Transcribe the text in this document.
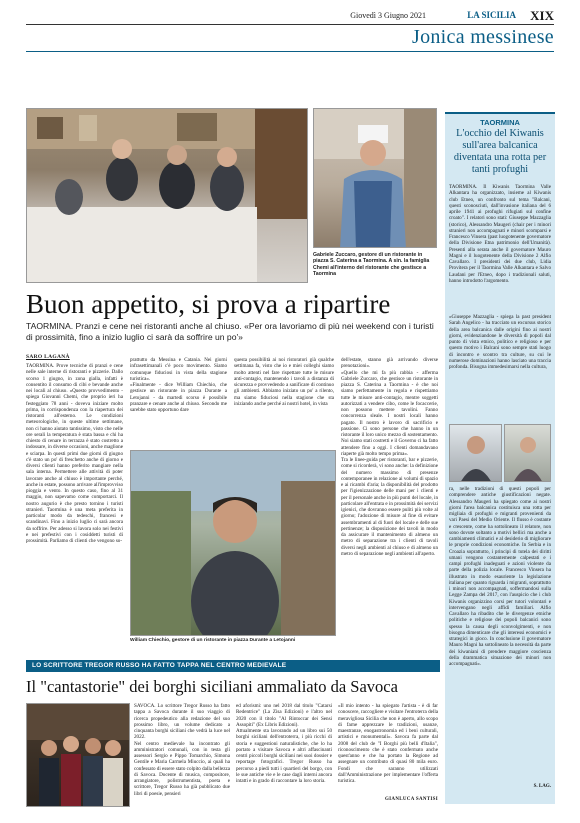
Giovedì 3 Giugno 2021	LA SICILIA XIX
Jonica messinese
Gabriele Zuccaro, gestore di un ristorante in piazza S. Caterina a Taormina. A sin. la famiglia Chemi all'interno del ristorante che gestisce a Taormina
Buon appetito, si prova a ripartire
TAORMINA. Pranzi e cene nei ristoranti anche al chiuso. «Per ora lavoriamo di più nei weekend con i turisti di prossimità, fino a inizio luglio ci sarà da soffrire un po'»
SARO LAGANÀ
TAORMINA. Prove tecniche di pranzi e cene nelle sale interne di ristoranti e pizzerie. Dallo scorso 1 giugno, in zona gialla, infatti è consentito il consumo di cibi e bevande anche nei locali al chiuso. «Questo provvedimento - spiega Giovanni Chemi, che proprio ieri ha festeggiato 78 anni - doveva iniziare molto prima, in corrispondenza con la riapertura dei ristoranti all'esterno. Le condizioni meteorologiche, in queste ultime settimane, non ci hanno aiutato tantissimo, visto che nelle ore serali la temperatura è stata bassa e chi ha chiesto di cenare in terrazza è stato costretto a indossare, in diverse occasioni, anche maglione e sciarpa. In questi primi due giorni di giugno c'è stato un po' di freschetto anche di giorno e diversi clienti hanno preferito mangiare nella sala interna. Permettere alle attività di poter lavorare anche al chiuso è importante perché, anche in estate, possono arrivare all'improvviso pioggia e vento. In questo caso, fino al 31 maggio, non sapevamo come comportarci. Il nostro augurio è che presto tornino i turisti stranieri. Taormina è una meta preferita in particolar modo da tedeschi, francesi e scandinavi. Fino a inizio luglio ci sarà ancora da soffrire. Per adesso si lavora solo nei festivi e nei prefestivi con i cosiddetti turisti di prossimità. Parliamo di clienti che vengono so-
prattutto da Messina e Catania. Nei giorni infrasettimanali c'è poco movimento. Siamo comunque fiduciosi in vista della stagione turistica».
«Finalmente - dice William Chiechio, che gestisce un ristorante in piazza Durante a Letojanni - da martedì scorso è possibile pranzare e cenare anche al chiuso. Secondo me sarebbe stato opportuno dare
questa possibilità ai noi ristoratori già qualche settimana fa, visto che io e miei colleghi siamo molto attenti nel fare rispettare tutte le misure anti-contagio, mantenendo i tavoli a distanza di sicurezza e provvedendo a sanificare di continuo gli ambienti. Abbiamo iniziato un po' a rilento, ma siamo fiduciosi nella stagione che sta iniziando anche perché ai nostri hotel, in vista
dell'estate, stanno già arrivando diverse prenotazioni».
«Quello che mi fa più rabbia - afferma Gabriele Zuccaro, che gestisce un ristorante in piazza S. Caterina a Taormina - è che noi siamo perfettamente in regola e rispettiamo tutte le misure anti-contagio, mentre soggetti autorizzati a vendere cibo, come le focaccerie, non possono mettere tavolini. Fanno concorrenza sleale. I nostri locali hanno pagato. Il nostro è lavoro di sacrificio e passione. Ci sono persone che hanno in un ristorante il loro unico mezzo di sostentamento. Noi siamo stati costretti e il Governo ci ha fatto attendere fino a oggi. I clienti domandavano riaperte già molto tempo prima».
Tra le linee-guida per ristoranti, bar e pizzerie, come si ricorderà, vi sono anche: la definizione del numero massimo di presenze contemporanee in relazione ai volumi di spazio e ai ricambi d'aria; la disponibilità del prodotto per l'igienizzazione delle mani per i clienti e per il personale anche in più punti del locale, in particolare all'entrata e in prossimità dei servizi igienici, che dovranno essere puliti più volte al giorno; l'adozione di misure al fine di evitare assembramenti al di fuori del locale e delle sue pertinenze; la disposizione dei tavoli in modo da assicurare il mantenimento di almeno un metro di separazione tra i clienti di tavoli diversi negli ambienti al chiuso e di almeno un metro di separazione negli ambienti all'aperto.
William Chiechio, gestore di un ristorante in piazza Durante a Letojanni
TAORMINA
L'occhio del Kiwanis sull'area balcanica diventata una rotta per tanti profughi
TAORMINA. Il Kiwanis Taormina Valle Alkantara ha organizzato, insieme al Kiwanis club Etneo, un confronto sul tema "Balcani, questi sconosciuti, dall'invasione italiana del 6 aprile 1941 ai profughi rifugiati sul confine croato". I relatori sono stati: Giuseppe Mazzaglia (storico), Alessandro Maugeri (chair per i minori stranieri non accompagnati e minori scomparsi e Francesco Vinsera (past luogotenente governatore della Divisione Etna patrimonio dell'Umanità). Presenti alla serata anche il governatore Mauro Magni e il luogotenente della Divisione 2 Alfio Cavallaro. I presidenti dei due club, Lidia Provitera per il Taormina Valle Alkantara e Salvo Laudani per l'Etneo, dopo i tradizionali saluti, hanno introdotto l'argomento.
«Giuseppe Mazzaglia - spiega la past president Sarah Angelico - ha tracciato un excursus storico della area balcanica dalle origini fino ai nostri giorni, evidenziandone le diversità di popoli dal punto di vista etnico, politico e religioso e per questo motivo i Balcani sono sempre stati luogo di incontro e scontro tra culture, su cui le numerose dominazioni hanno lasciato una traccia profonda. Bisogna immedesimarsi nella cultura,
ra, nelle tradizioni di questi popoli per comprendere antiche giustificazioni negate. Alessandro Maugeri ha spiegato come ai nostri giorni l'area balcanica costituisca una rotta per migliaia di profughi e migranti provenienti da vari Paesi del Medio Oriente. Il flusso è costante e crescente, come ha sottolineato il relatore, non sono dovute soltanto a motivi bellici ma anche a cambiamenti climatici e al desiderio di migliorare le proprie condizioni economiche. In Serbia e in Croazia soprattutto, i principi di tutela dei diritti umani vengono costantemente calpestati e i campi profughi inadeguati e azioni violente da parte della polizia locale. Francesco Vinsera ha illustrato in modo esauriente la legislazione italiana per quanto riguarda i migranti, soprattutto i minori non accompagnati, soffermandosi sulla Legge Zampa del 2017, con l'auspicio che i club Kiwanis organizzino corsi per tutori volontari e intervengano negli affidi familiari. Alfio Cavallaro ha ribadito che le divergenze etniche politiche e religiose dei popoli balcanici sono spesso la causa degli sconvolgimenti, e non bisogna dimenticare che gli interessi economici e strategici in gioco. In conclusione il governatore Mauro Magni ha sottolineato la necessità da parte dei kiwaniani di prendere maggiore coscienza della drammatica situazione dei minori non accompagnati».
S. LAG.
LO SCRITTORE TREGOR RUSSO HA FATTO TAPPA NEL CENTRO MEDIEVALE
Il "cantastorie" dei borghi siciliani ammaliato da Savoca
SAVOCA. Lo scrittore Tregor Russo ha fatto tappa a Savoca durante il suo viaggio di ricerca propedeutico alla redazione del suo prossimo libro, un volume dedicato a cinquanta borghi siciliani che vedrà la luce nel 2022.
Nel centro medievale ha incontrato gli amministratori comunali, con in testa gli assessori Sergio e Pippo Tomarchio, Simona Gentile e Maria Carmela Miuccio, ai quali ha confessato di essere stato colpito dalla bellezza di Savoca. Docente di musica, compositore, arrangiatore, polistrumentista, poeta e scrittore, Tregor Russo ha già pubblicato due libri di poesie, pensieri
ed aforismi: uno nel 2018 dal titolo "Catarsi Redentrice" (La Zisa Edizioni) e l'altro nel 2020 con il titolo "Al Rintoccar dei Sensi Assopiti" (Ex Libris Edizioni).
Attualmente sta lavorando ad un libro sui 50 borghi siciliani dell'entroterra, i più ricchi di storia e suggestioni naturalistiche, che lo ha portato a visitare Savoca e altri affascinanti centri piccoli borghi siciliani nei suoi dossier e reportage fotografici. Tregor Russo ha percorso a piedi tutti i quartieri del borgo, con le sue antiche vie e le case dagli interni ancora intatti e in grado di raccontare la loro storia.
«Il mio intento - ha spiegato l'artista - è di far conoscere, raccogliere e visitare l'entroterra della meravigliosa Sicilia che non è aperto, allo scopo di farne apprezzare le tradizioni, usanze, maestranze, enogastronomia ed i beni culturali, artistici e monumentali». Savoca fa parte dal 2008 del club de "I Borghi più belli d'Italia", riconoscimento che è stato confermato anche quest'anno e che ha portato la Regione ad assegnare un contributo di quasi 80 mila euro. Fondi che saranno utilizzati dall'Amministrazione per implementare l'offerta turistica.
GIANLUCA SANTISI
